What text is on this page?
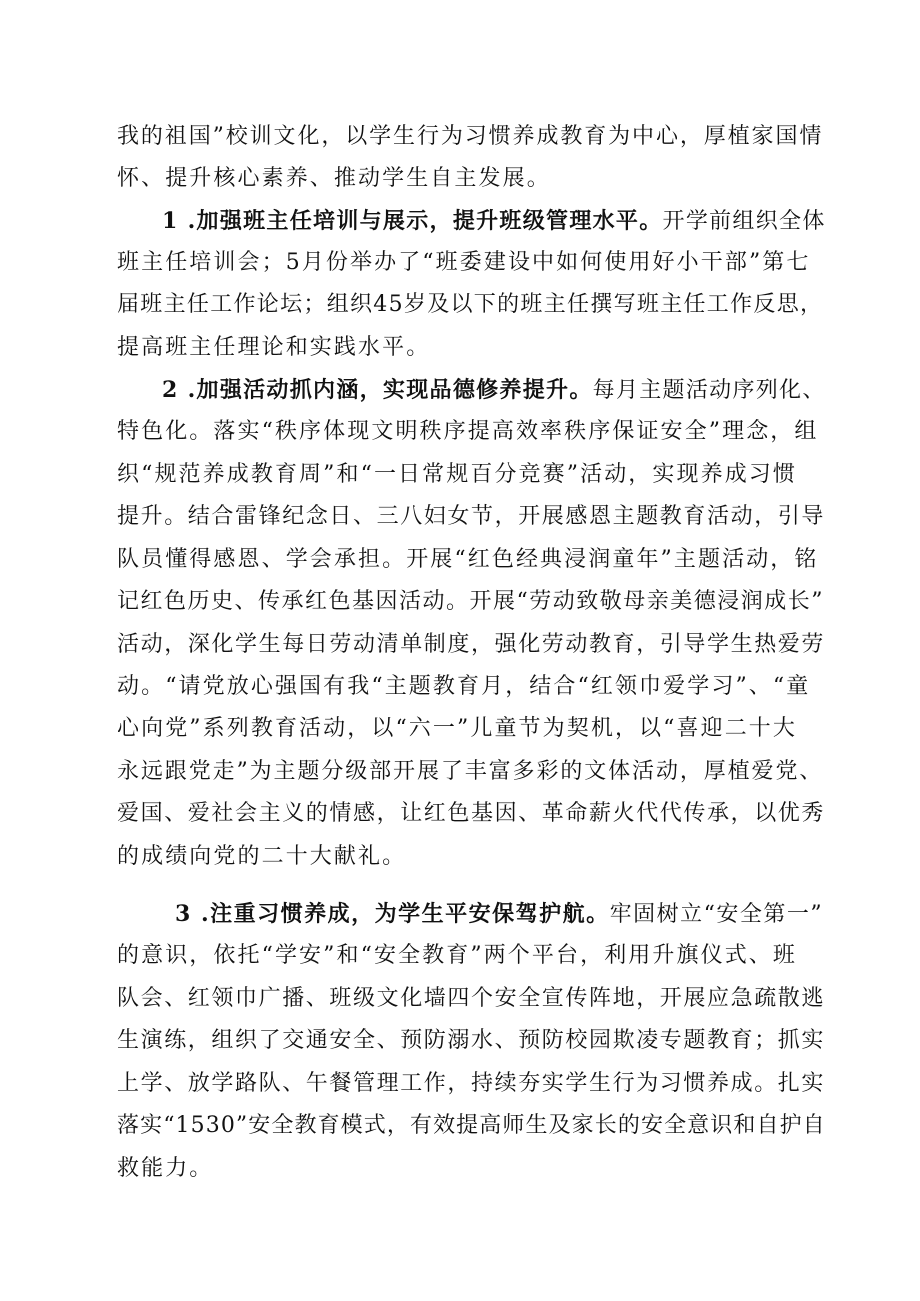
我的祖国”校训文化，以学生行为习惯养成教育为中心，厚植家国情
怀、提升核心素养、推动学生自主发展。
1 .加强班主任培训与展示，提升班级管理水平。开学前组织全体
班主任培训会；5月份举办了“班委建设中如何使用好小干部”第七
届班主任工作论坛；组织45岁及以下的班主任撰写班主任工作反思，
提高班主任理论和实践水平。
2 .加强活动抓内涵，实现品德修养提升。每月主题活动序列化、
特色化。落实“秩序体现文明秩序提高效率秩序保证安全”理念，组
织“规范养成教育周”和“一日常规百分竞赛”活动，实现养成习惯
提升。结合雷锋纪念日、三八妇女节，开展感恩主题教育活动，引导
队员懂得感恩、学会承担。开展“红色经典浸润童年”主题活动，铭
记红色历史、传承红色基因活动。开展“劳动致敬母亲美德浸润成长”
活动，深化学生每日劳动清单制度，强化劳动教育，引导学生热爱劳
动。“请党放心强国有我“主题教育月，结合“红领巾爱学习”、“童
心向党”系列教育活动，以“六一”儿童节为契机，以“喜迎二十大
永远跟党走”为主题分级部开展了丰富多彩的文体活动，厚植爱党、
爱国、爱社会主义的情感，让红色基因、革命薪火代代传承，以优秀
的成绩向党的二十大献礼。
3 .注重习惯养成，为学生平安保驾护航。牢固树立“安全第一”
的意识，依托“学安”和“安全教育”两个平台，利用升旗仪式、班
队会、红领巾广播、班级文化墙四个安全宣传阵地，开展应急疏散逃
生演练，组织了交通安全、预防溺水、预防校园欺凌专题教育；抓实
上学、放学路队、午餐管理工作，持续夯实学生行为习惯养成。扎实
落实“1530”安全教育模式，有效提高师生及家长的安全意识和自护自
救能力。
